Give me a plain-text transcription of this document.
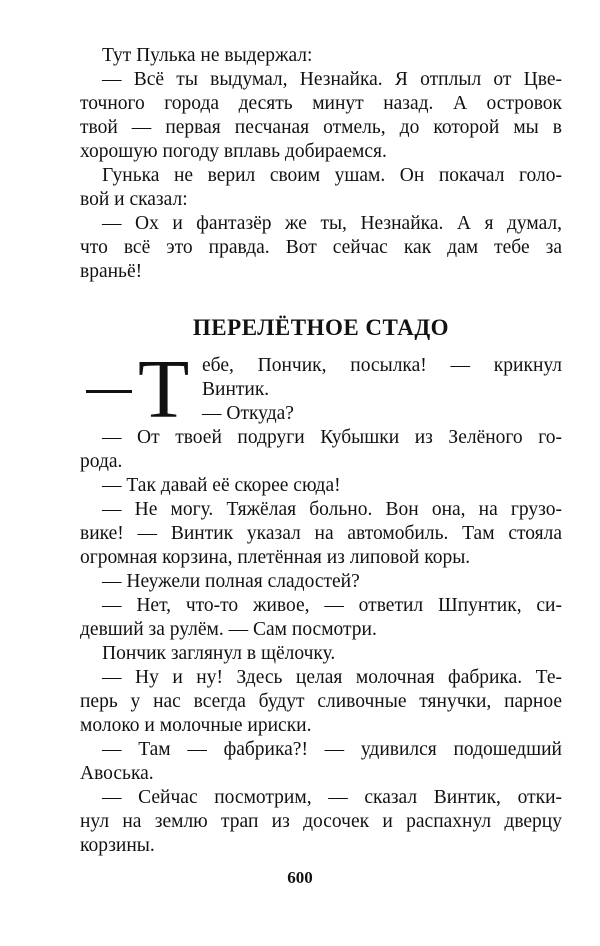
Тут Пулька не выдержал:
— Всё ты выдумал, Незнайка. Я отплыл от Цве-
точного города десять минут назад. А островок
твой — первая песчаная отмель, до которой мы в
хорошую погоду вплавь добираемся.
Гунька не верил своим ушам. Он покачал голо-
вой и сказал:
— Ох и фантазёр же ты, Незнайка. А я думал,
что всё это правда. Вот сейчас как дам тебе за
враньё!
ПЕРЕЛЁТНОЕ СТАДО
Т ебе, Пончик, посылка! — крикнул
Винтик.
— Откуда?
— От твоей подруги Кубышки из Зелёного го-
рода.
— Так давай её скорее сюда!
— Не могу. Тяжёлая больно. Вон она, на грузо-
вике! — Винтик указал на автомобиль. Там стояла
огромная корзина, плетённая из липовой коры.
— Неужели полная сладостей?
— Нет, что-то живое, — ответил Шпунтик, си-
девший за рулём. — Сам посмотри.
Пончик заглянул в щёлочку.
— Ну и ну! Здесь целая молочная фабрика. Те-
перь у нас всегда будут сливочные тянучки, парное
молоко и молочные ириски.
— Там — фабрика?! — удивился подошедший
Авоська.
— Сейчас посмотрим, — сказал Винтик, отки-
нул на землю трап из досочек и распахнул дверцу
корзины.
600
